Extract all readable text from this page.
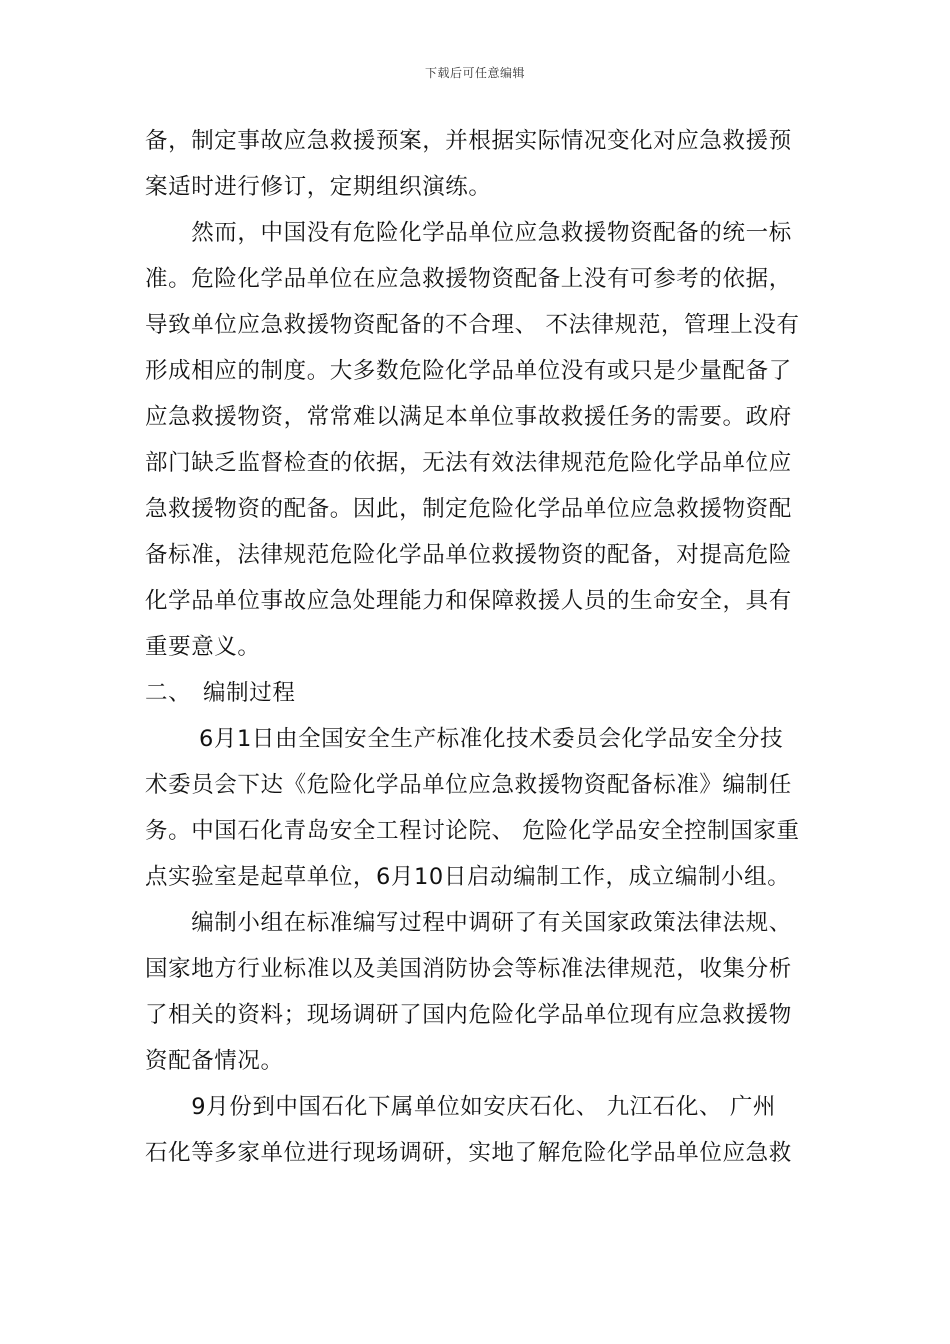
下载后可任意编辑
备，制定事故应急救援预案，并根据实际情况变化对应急救援预
案适时进行修订，定期组织演练。
　　然而，中国没有危险化学品单位应急救援物资配备的统一标
准。危险化学品单位在应急救援物资配备上没有可参考的依据，
导致单位应急救援物资配备的不合理、 不法律规范，管理上没有
形成相应的制度。大多数危险化学品单位没有或只是少量配备了
应急救援物资，常常难以满足本单位事故救援任务的需要。政府
部门缺乏监督检查的依据，无法有效法律规范危险化学品单位应
急救援物资的配备。因此，制定危险化学品单位应急救援物资配
备标准，法律规范危险化学品单位救援物资的配备，对提高危险
化学品单位事故应急处理能力和保障救援人员的生命安全，具有
重要意义。
二、　编制过程
　　 6月1日由全国安全生产标准化技术委员会化学品安全分技
术委员会下达《危险化学品单位应急救援物资配备标准》编制任
务。中国石化青岛安全工程讨论院、 危险化学品安全控制国家重
点实验室是起草单位，6月10日启动编制工作，成立编制小组。
　　编制小组在标准编写过程中调研了有关国家政策法律法规、
国家地方行业标准以及美国消防协会等标准法律规范，收集分析
了相关的资料；现场调研了国内危险化学品单位现有应急救援物
资配备情况。
　　9月份到中国石化下属单位如安庆石化、 九江石化、 广州
石化等多家单位进行现场调研，实地了解危险化学品单位应急救
